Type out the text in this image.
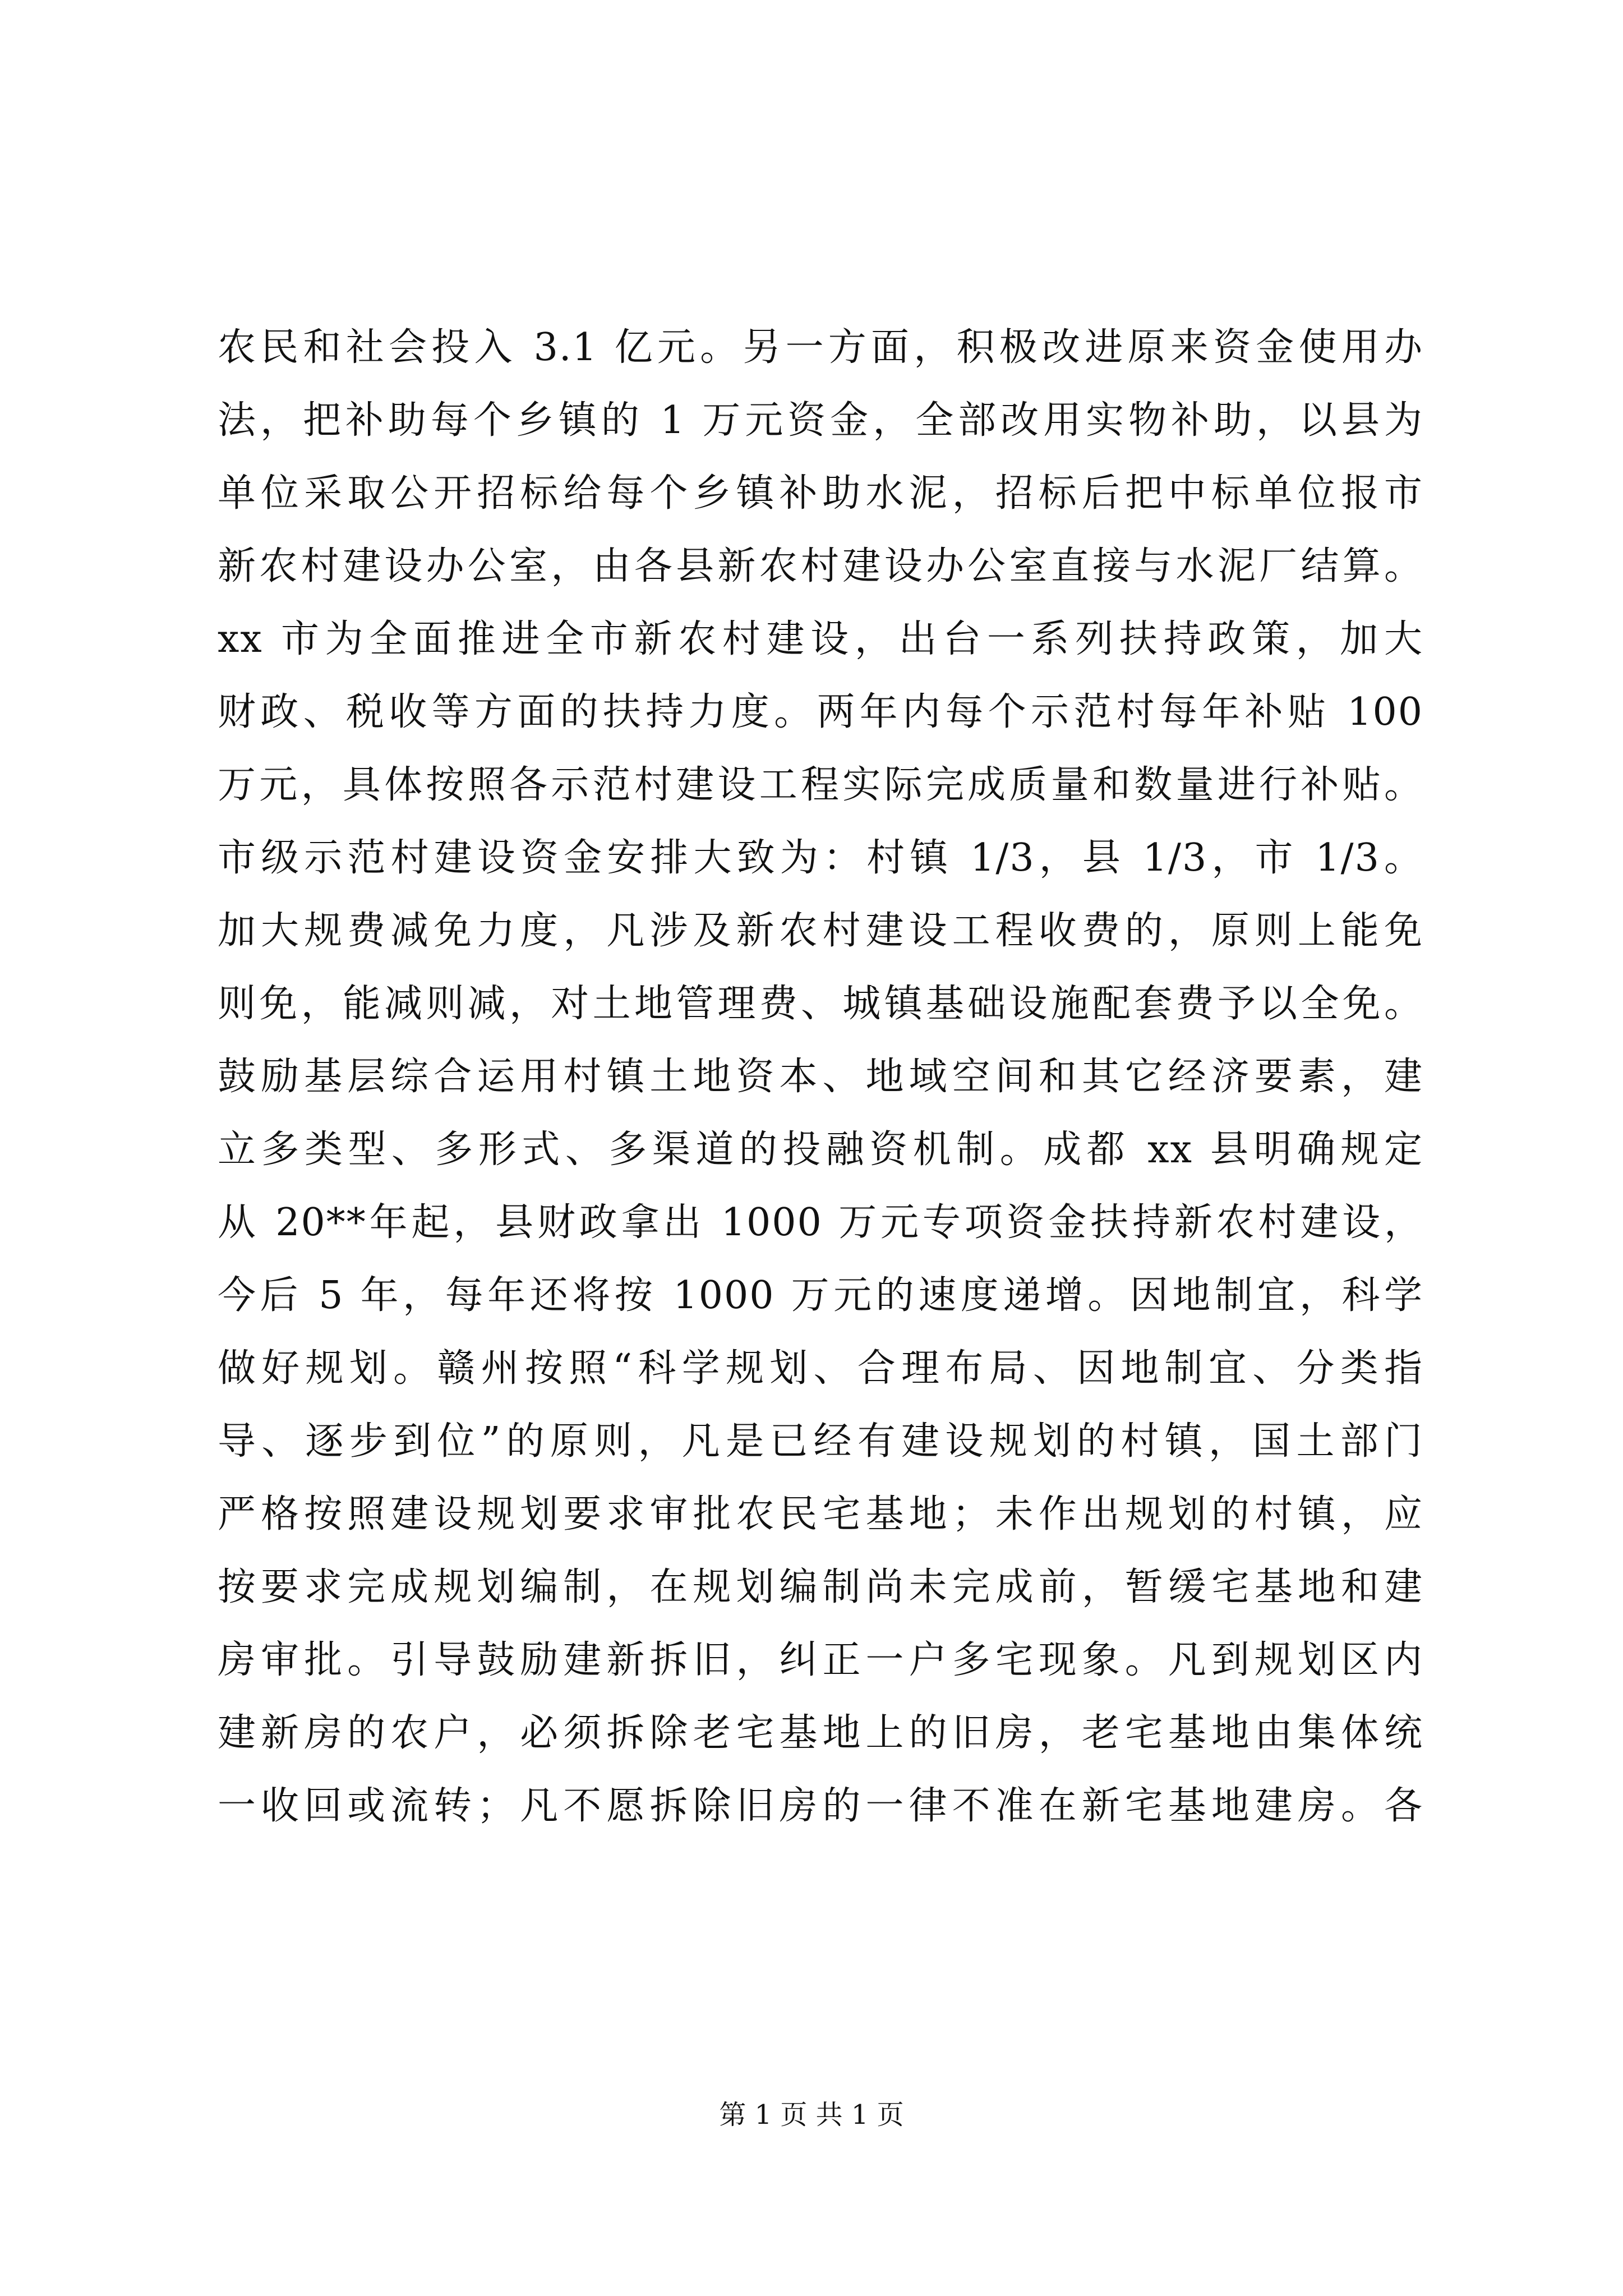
农民和社会投入 3.1 亿元。另一方面，积极改进原来资金使用办
法，把补助每个乡镇的 1 万元资金，全部改用实物补助，以县为
单位采取公开招标给每个乡镇补助水泥，招标后把中标单位报市
新农村建设办公室，由各县新农村建设办公室直接与水泥厂结算。
xx 市为全面推进全市新农村建设，出台一系列扶持政策，加大
财政、税收等方面的扶持力度。两年内每个示范村每年补贴 100
万元，具体按照各示范村建设工程实际完成质量和数量进行补贴。
市级示范村建设资金安排大致为：村镇 1/3，县 1/3，市 1/3。
加大规费减免力度，凡涉及新农村建设工程收费的，原则上能免
则免，能减则减，对土地管理费、城镇基础设施配套费予以全免。
鼓励基层综合运用村镇土地资本、地域空间和其它经济要素，建
立多类型、多形式、多渠道的投融资机制。成都 xx 县明确规定
从 20**年起，县财政拿出 1000 万元专项资金扶持新农村建设，
今后 5 年，每年还将按 1000 万元的速度递增。因地制宜，科学
做好规划。赣州按照“科学规划、合理布局、因地制宜、分类指
导、逐步到位”的原则，凡是已经有建设规划的村镇，国土部门
严格按照建设规划要求审批农民宅基地；未作出规划的村镇，应
按要求完成规划编制，在规划编制尚未完成前，暂缓宅基地和建
房审批。引导鼓励建新拆旧，纠正一户多宅现象。凡到规划区内
建新房的农户，必须拆除老宅基地上的旧房，老宅基地由集体统
一收回或流转；凡不愿拆除旧房的一律不准在新宅基地建房。各
第 1 页 共 1 页
